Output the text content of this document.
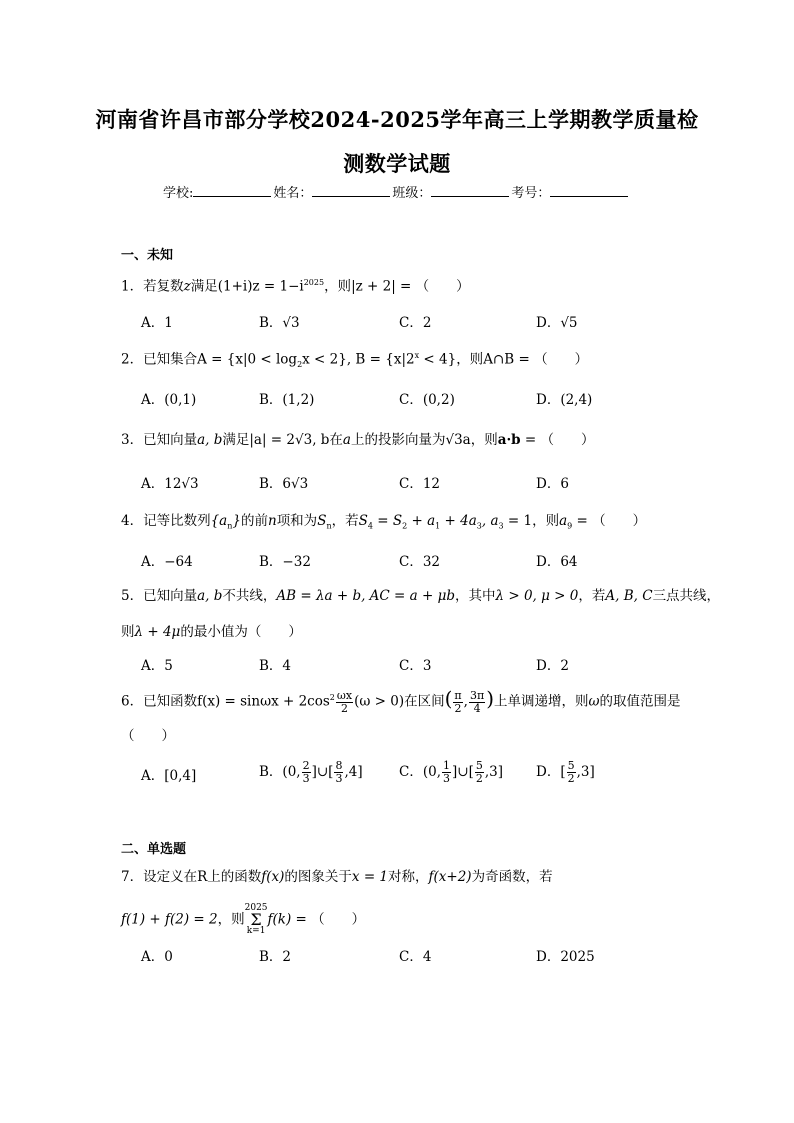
河南省许昌市部分学校2024-2025学年高三上学期教学质量检
测数学试题
学校:	姓名：	班级：	考号：
一、未知
1．若复数z满足$(1+i)z = 1-i^{2025}$，则|z + 2| = （　　）
A．1	B．√3	C．2	D．√5
2．已知集合$A = \{x|0 < \log_2x < 2\}$, $B = \{x|2^x < 4\}$，则A∩B = （　　）
A．(0,1)	B．(1,2)	C．(0,2)	D．(2,4)
3．已知向量a, b满足|a| = 2√3, b在a上的投影向量为√3a，则a·b = （　　）
A．12√3	B．6√3	C．12	D．6
4．记等比数列$\{a_n\}$的前n项和为$S_n$，若$S_4 = S_2 + a_1 + 4a_3$, $a_3 = 1$，则$a_9$ = （　　）
A．−64	B．−32	C．32	D．64
5．已知向量a, b不共线，AB = λa + b, AC = a + μb，其中λ > 0, μ > 0，若A, B, C三点共线，
则λ + 4μ的最小值为（　　）
A．5	B．4	C．3	D．2
6．已知函数$f(x) = \sin\omega x + 2\cos^2 \frac{\omega x}{2} (\omega > 0)$在区间( $\frac{\pi}{2}$ , $\frac{3\pi}{4}$ )上单调递增，则ω的取值范围是
（　　）
A．[0,4]	B．(0, $\frac{2}{3}$ ]∪[ $\frac{8}{3} ,4$]	C．(0, $\frac{1}{3}$ ]∪[ $\frac{5}{2} ,3$] D．[ $\frac{5}{2} ,3$]
二、单选题
7．设定义在R上的函数f(x)的图象关于x = 1对称，f(x+2)为奇函数，若
f(1) + f(2) = 2，则
2025
Σ
k=1
f(k) = （　　）
A．0	B．2	C．4	D．2025
